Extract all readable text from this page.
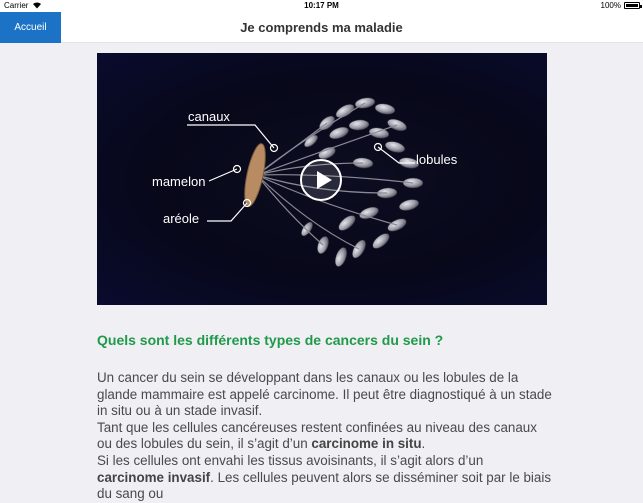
Carrier	10:17 PM	100%
Accueil	Je comprends ma maladie
canaux
mamelon
aréole
lobules
Quels sont les différents types de cancers du sein ?

Un cancer du sein se développant dans les canaux ou les lobules de la glande mammaire est appelé carcinome. Il peut être diagnostiqué à un stade in situ ou à un stade invasif.

Tant que les cellules cancéreuses restent confinées au niveau des canaux ou des lobules du sein, il s’agit d’un carcinome in situ.

Si les cellules ont envahi les tissus avoisinants, il s’agit alors d’un carcinome invasif. Les cellules peuvent alors se disséminer soit par le biais du sang ou
